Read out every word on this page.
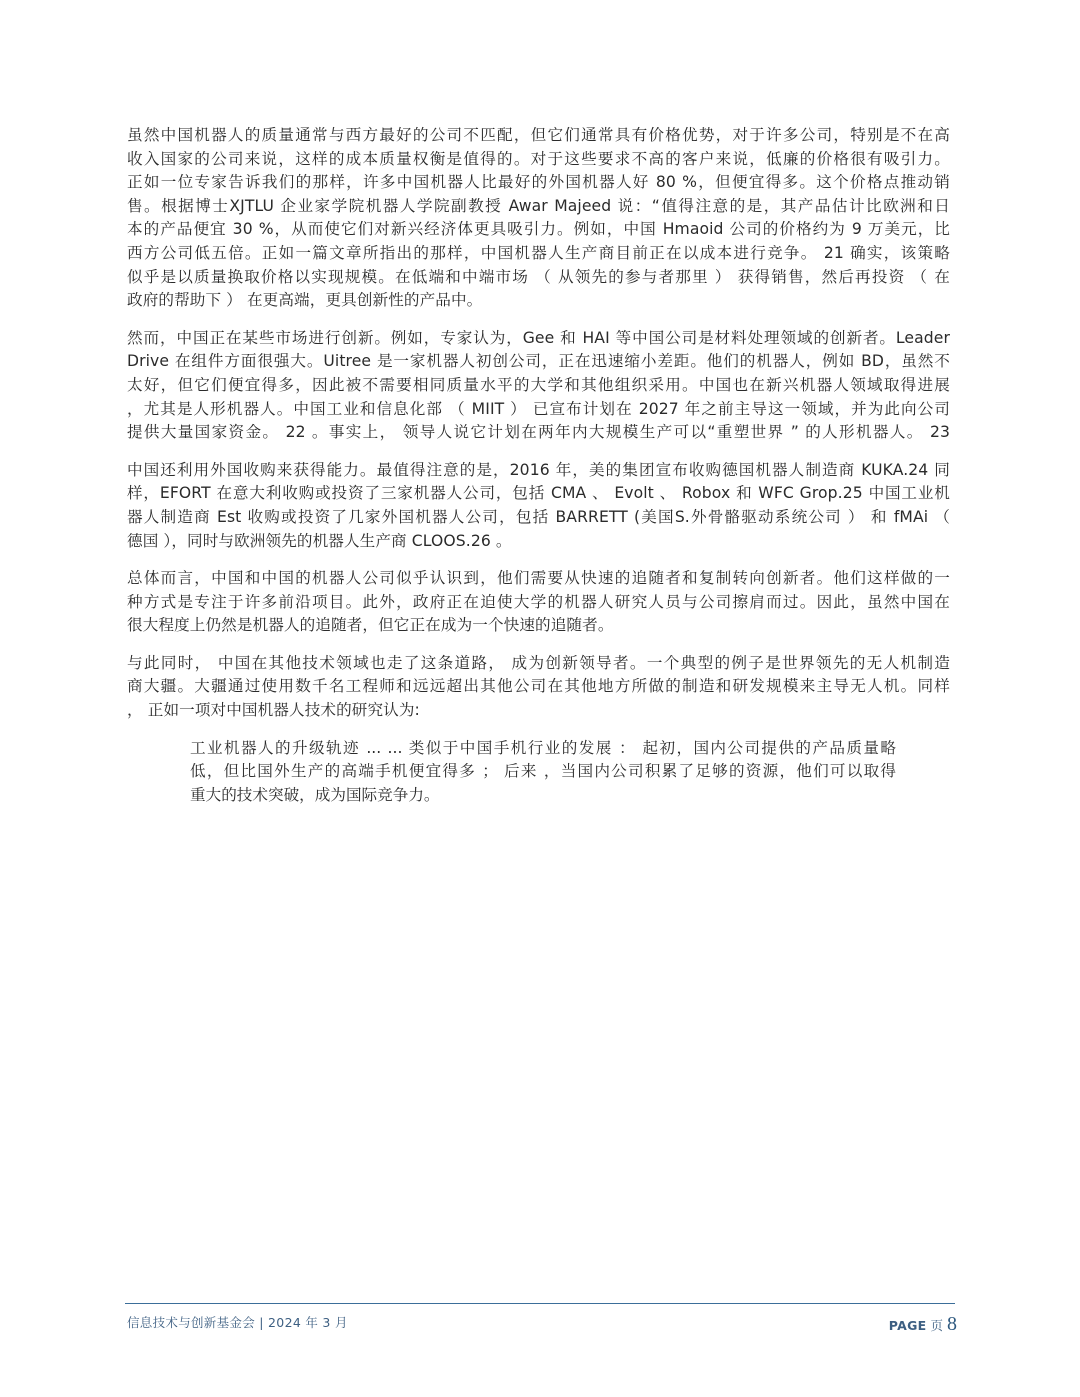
虽然中国机器人的质量通常与西方最好的公司不匹配，但它们通常具有价格优势，对于许多公司，特别是不在高
收入国家的公司来说，这样的成本质量权衡是值得的。对于这些要求不高的客户来说，低廉的价格很有吸引力。
正如一位专家告诉我们的那样，许多中国机器人比最好的外国机器人好 80 %，但便宜得多。这个价格点推动销
售。根据博士XJTLU 企业家学院机器人学院副教授 Awar Majeed 说：“值得注意的是，其产品估计比欧洲和日
本的产品便宜 30 %，从而使它们对新兴经济体更具吸引力。例如，中国 Hmaoid 公司的价格约为 9 万美元，比
西方公司低五倍。正如一篇文章所指出的那样，中国机器人生产商目前正在以成本进行竞争。 21 确实，该策略
似乎是以质量换取价格以实现规模。在低端和中端市场 （ 从领先的参与者那里 ） 获得销售，然后再投资 （ 在
政府的帮助下 ） 在更高端，更具创新性的产品中。
然而，中国正在某些市场进行创新。例如，专家认为，Gee 和 HAI 等中国公司是材料处理领域的创新者。Leader
Drive 在组件方面很强大。Uitree 是一家机器人初创公司，正在迅速缩小差距。他们的机器人，例如 BD，虽然不
太好，但它们便宜得多，因此被不需要相同质量水平的大学和其他组织采用。中国也在新兴机器人领域取得进展
，尤其是人形机器人。中国工业和信息化部 （ MIIT ） 已宣布计划在 2027 年之前主导这一领域，并为此向公司
提供大量国家资金。 22 。事实上， 领导人说它计划在两年内大规模生产可以“重塑世界 ” 的人形机器人。 23
中国还利用外国收购来获得能力。最值得注意的是，2016 年，美的集团宣布收购德国机器人制造商 KUKA.24 同
样，EFORT 在意大利收购或投资了三家机器人公司，包括 CMA 、 Evolt 、 Robox 和 WFC Grop.25 中国工业机
器人制造商 Est 收购或投资了几家外国机器人公司，包括 BARRETT (美国S.外骨骼驱动系统公司 ） 和 fMAi （
德国 ），同时与欧洲领先的机器人生产商 CLOOS.26 。
总体而言，中国和中国的机器人公司似乎认识到，他们需要从快速的追随者和复制转向创新者。他们这样做的一
种方式是专注于许多前沿项目。此外，政府正在迫使大学的机器人研究人员与公司擦肩而过。因此，虽然中国在
很大程度上仍然是机器人的追随者，但它正在成为一个快速的追随者。
与此同时， 中国在其他技术领域也走了这条道路， 成为创新领导者。一个典型的例子是世界领先的无人机制造
商大疆。大疆通过使用数千名工程师和远远超出其他公司在其他地方所做的制造和研发规模来主导无人机。同样
， 正如一项对中国机器人技术的研究认为:
工业机器人的升级轨迹 ... ... 类似于中国手机行业的发展 ： 起初，国内公司提供的产品质量略
低，但比国外生产的高端手机便宜得多 ； 后来 ，当国内公司积累了足够的资源，他们可以取得
重大的技术突破，成为国际竞争力。
信息技术与创新基金会 | 2024 年 3 月	PAGE 页 8
